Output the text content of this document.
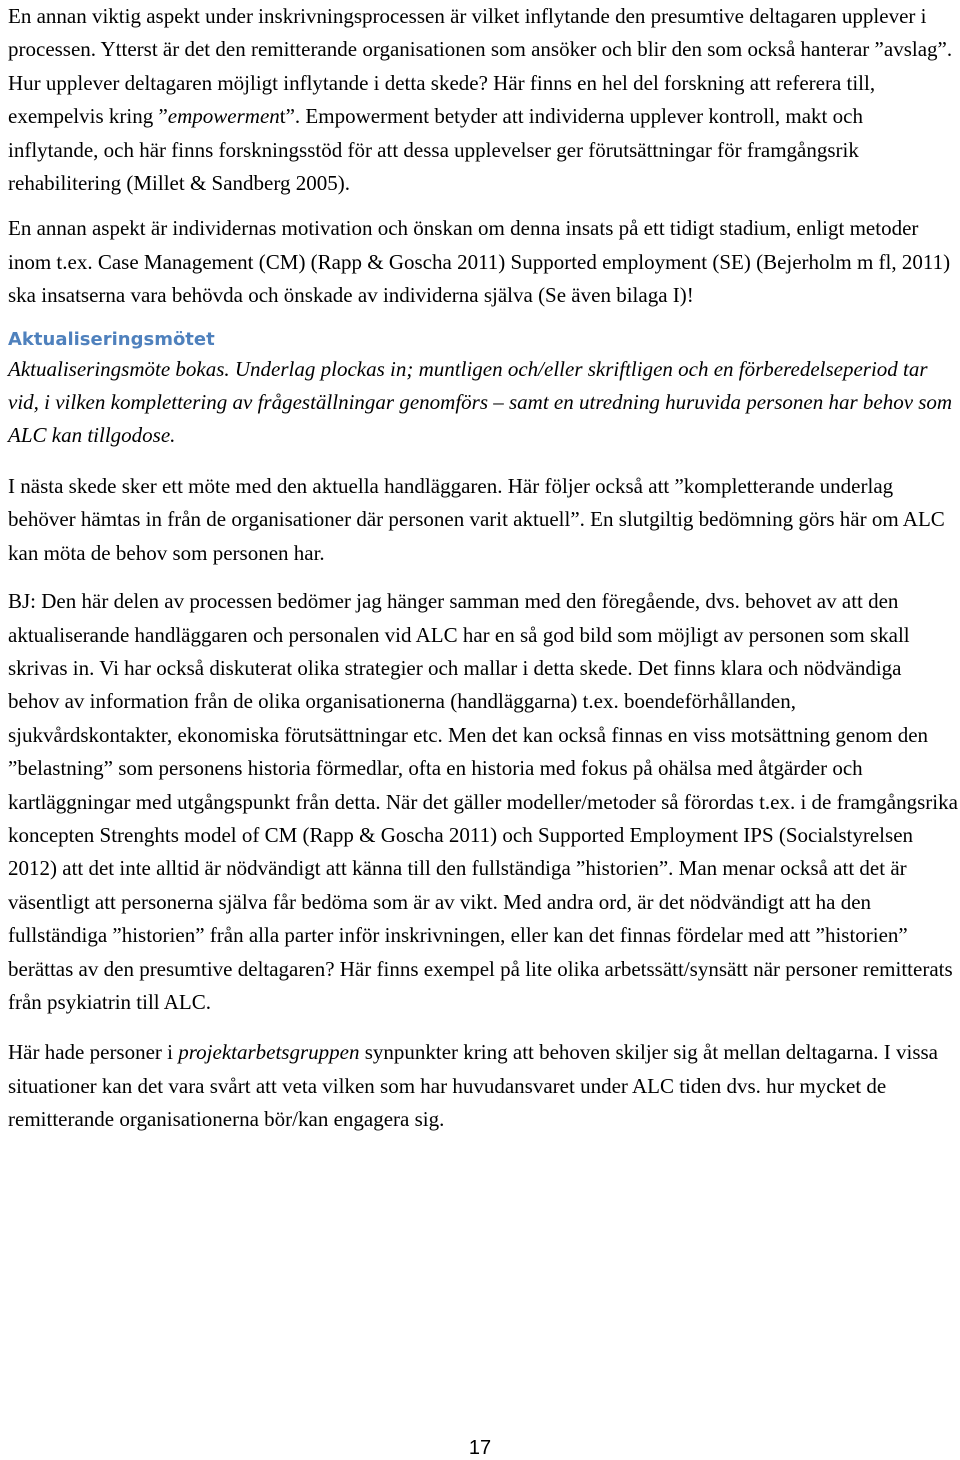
En annan viktig aspekt under inskrivningsprocessen är vilket inflytande den presumtive deltagaren upplever i processen. Ytterst är det den remitterande organisationen som ansöker och blir den som också hanterar ”avslag”. Hur upplever deltagaren möjligt inflytande i detta skede? Här finns en hel del forskning att referera till, exempelvis kring ”empowerment”. Empowerment betyder att individerna upplever kontroll, makt och inflytande, och här finns forskningsstöd för att dessa upplevelser ger förutsättningar för framgångsrik rehabilitering (Millet & Sandberg 2005).

En annan aspekt är individernas motivation och önskan om denna insats på ett tidigt stadium, enligt metoder inom t.ex. Case Management (CM) (Rapp & Goscha 2011) Supported employment (SE) (Bejerholm m fl, 2011) ska insatserna vara behövda och önskade av individerna själva (Se även bilaga I)!

Aktualiseringsmötet

Aktualiseringsmöte bokas. Underlag plockas in; muntligen och/eller skriftligen och en förberedelseperiod tar vid, i vilken komplettering av frågeställningar genomförs – samt en utredning huruvida personen har behov som ALC kan tillgodose.

I nästa skede sker ett möte med den aktuella handläggaren. Här följer också att ”kompletterande underlag behöver hämtas in från de organisationer där personen varit aktuell”. En slutgiltig bedömning görs här om ALC kan möta de behov som personen har.

BJ: Den här delen av processen bedömer jag hänger samman med den föregående, dvs. behovet av att den aktualiserande handläggaren och personalen vid ALC har en så god bild som möjligt av personen som skall skrivas in. Vi har också diskuterat olika strategier och mallar i detta skede. Det finns klara och nödvändiga behov av information från de olika organisationerna (handläggarna) t.ex. boendeförhållanden, sjukvårdskontakter, ekonomiska förutsättningar etc. Men det kan också finnas en viss motsättning genom den ”belastning” som personens historia förmedlar, ofta en historia med fokus på ohälsa med åtgärder och kartläggningar med utgångspunkt från detta. När det gäller modeller/metoder så förordas t.ex. i de framgångsrika koncepten Strenghts model of CM (Rapp & Goscha 2011) och Supported Employment IPS (Socialstyrelsen 2012) att det inte alltid är nödvändigt att känna till den fullständiga ”historien”. Man menar också att det är väsentligt att personerna själva får bedöma som är av vikt. Med andra ord, är det nödvändigt att ha den fullständiga ”historien” från alla parter inför inskrivningen, eller kan det finnas fördelar med att ”historien” berättas av den presumtive deltagaren? Här finns exempel på lite olika arbetssätt/synsätt när personer remitterats från psykiatrin till ALC.

Här hade personer i projektarbetsgruppen synpunkter kring att behoven skiljer sig åt mellan deltagarna. I vissa situationer kan det vara svårt att veta vilken som har huvudansvaret under ALC tiden dvs. hur mycket de remitterande organisationerna bör/kan engagera sig.

17
